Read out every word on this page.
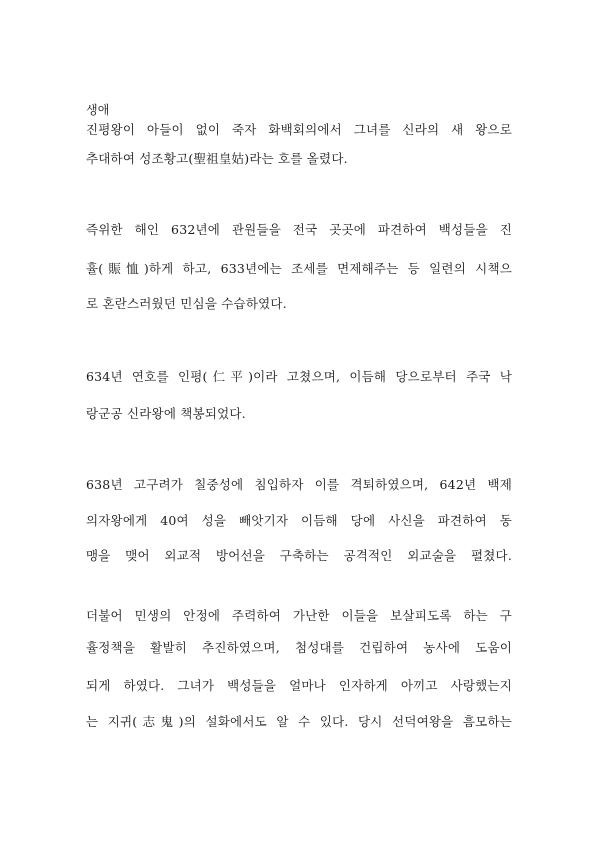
생애
진평왕이 아들이 없이 죽자 화백회의에서 그녀를 신라의 새 왕으로
추대하여 성조황고(聖祖皇姑)라는 호를 올렸다.
즉위한 해인 632년에 관원들을 전국 곳곳에 파견하여 백성들을 진
휼(賑恤)하게 하고, 633년에는 조세를 면제해주는 등 일련의 시책으
로 혼란스러웠던 민심을 수습하였다.
634년 연호를 인평(仁平)이라 고쳤으며, 이듬해 당으로부터 주국 낙
랑군공 신라왕에 책봉되었다.
638년 고구려가 칠중성에 침입하자 이를 격퇴하였으며, 642년 백제
의자왕에게 40여 성을 빼앗기자 이듬해 당에 사신을 파견하여 동
맹을 맺어 외교적 방어선을 구축하는 공격적인 외교술을 펼쳤다.
더불어 민생의 안정에 주력하여 가난한 이들을 보살피도록 하는 구
휼정책을 활발히 추진하였으며, 첨성대를 건립하여 농사에 도움이
되게 하였다. 그녀가 백성들을 얼마나 인자하게 아끼고 사랑했는지
는 지귀(志鬼)의 설화에서도 알 수 있다. 당시 선덕여왕을 흠모하는
